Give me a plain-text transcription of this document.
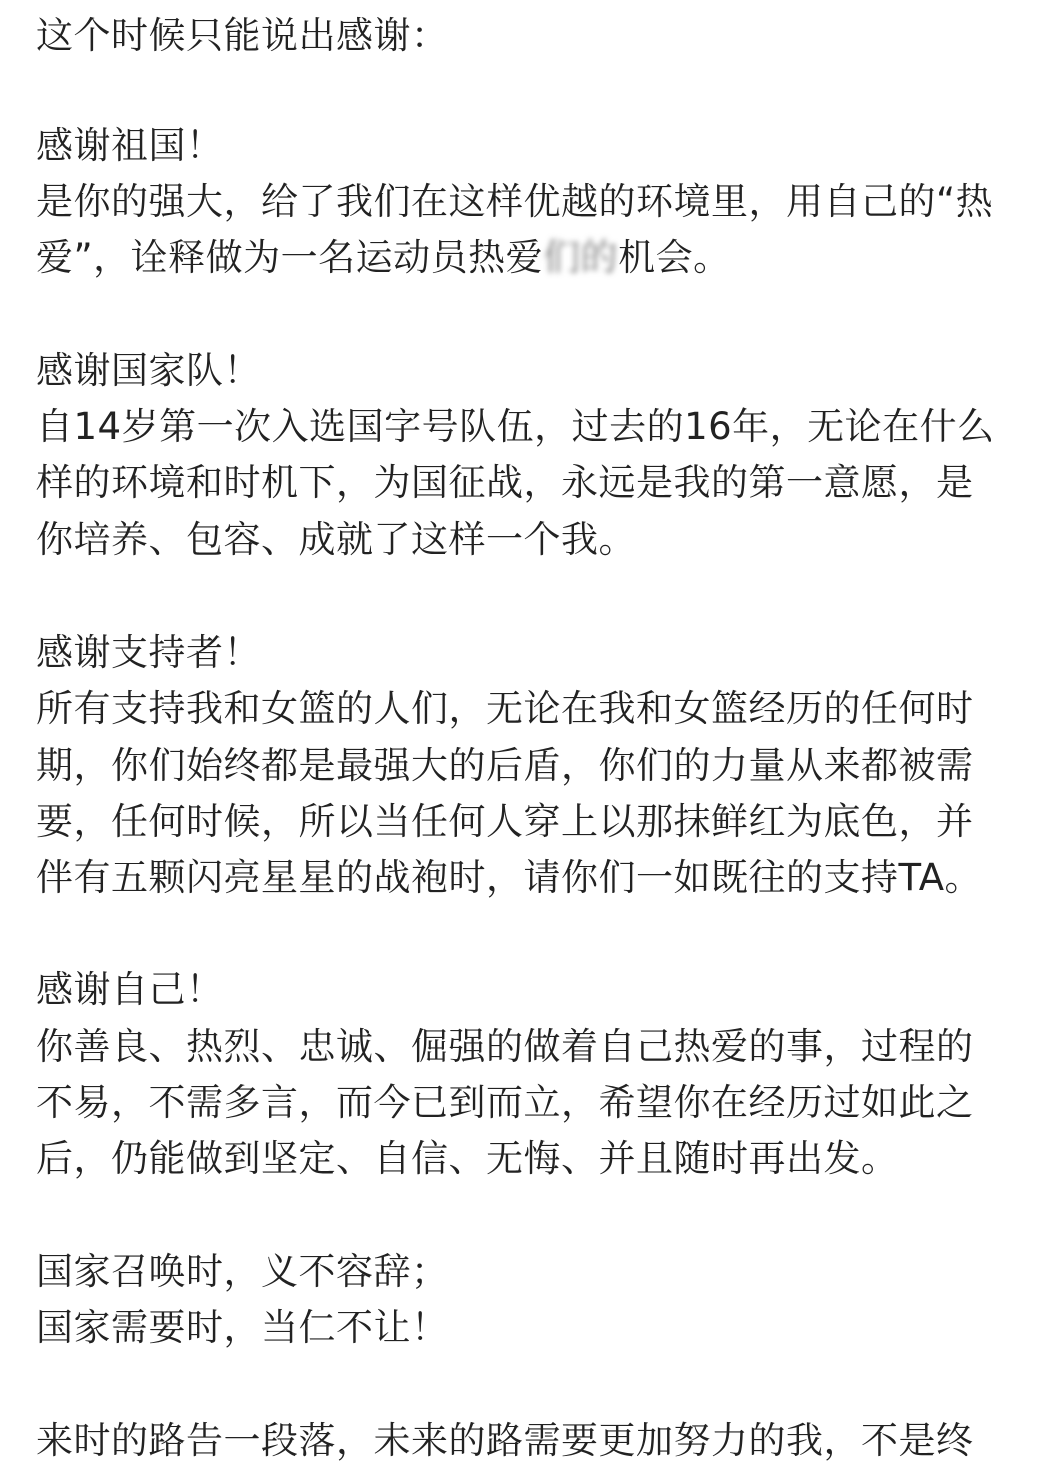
这个时候只能说出感谢：
感谢祖国！
是你的强大，给了我们在这样优越的环境里，用自己的“热
爱”，诠释做为一名运动员热爱们的机会。
感谢国家队！
自14岁第一次入选国字号队伍，过去的16年，无论在什么
样的环境和时机下，为国征战，永远是我的第一意愿，是
你培养、包容、成就了这样一个我。
感谢支持者！
所有支持我和女篮的人们，无论在我和女篮经历的任何时
期，你们始终都是最强大的后盾，你们的力量从来都被需
要，任何时候，所以当任何人穿上以那抹鲜红为底色，并
伴有五颗闪亮星星的战袍时，请你们一如既往的支持TA。
感谢自己！
你善良、热烈、忠诚、倔强的做着自己热爱的事，过程的
不易，不需多言，而今已到而立，希望你在经历过如此之
后，仍能做到坚定、自信、无悔、并且随时再出发。
国家召唤时，义不容辞；
国家需要时，当仁不让！
来时的路告一段落，未来的路需要更加努力的我，不是终
